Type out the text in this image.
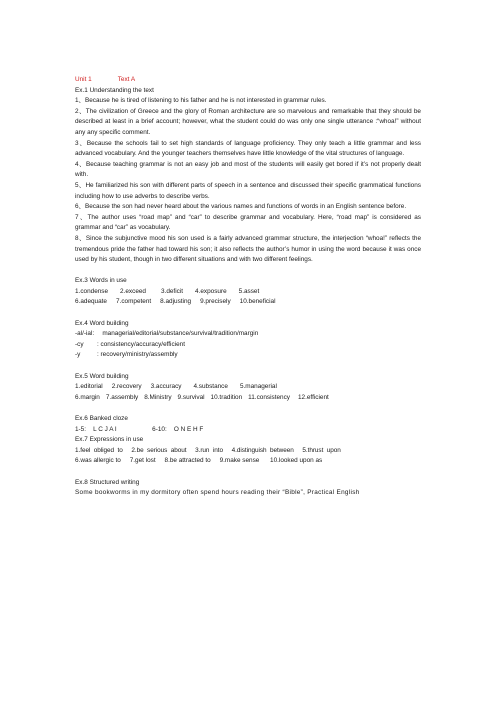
Unit 1	Text A
Ex.1 Understanding the text
1、Because he is tired of listening to his father and he is not interested in grammar rules.
2、The civilization of Greece and the glory of Roman architecture are so marvelous and remarkable that they should be described at least in a brief account; however, what the student could do was only one single utterance :“whoa!” without any any specific comment.
3、Because the schools fail to set high standards of language proficiency. They only teach a little grammar and less advanced vocabulary. And the younger teachers themselves have little knowledge of the vital structures of language.
4、Because teaching grammar is not an easy job and most of the students will easily get bored if it’s not properly dealt with.
5、He familiarized his son with different parts of speech in a sentence and discussed their specific grammatical functions including how to use adverbs to describe verbs.
6、Because the son had never heard about the various names and functions of words in an English sentence before.
7、The author uses “road map” and “car” to describe grammar and vocabulary. Here, “road map” is considered as grammar and “car” as vocabulary.
8、Since the subjunctive mood his son used is a fairly advanced grammar structure, the interjection “whoa!” reflects the tremendous pride the father had toward his son; it also reflects the author’s humor in using the word because it was once used by his student, though in two different situations and with two different feelings.
Ex.3 Words in use
1.condense 2.exceed 3.deficit 4.exposure 5.asset
6.adequate 7.competent 8.adjusting 9.precisely 10.beneficial
Ex.4 Word building
-al/-ial: managerial/editorial/substance/survival/tradition/margin
-cy : consistency/accuracy/efficient
-y	: recovery/ministry/assembly
Ex.5 Word building
1.editorial 2.recovery 3.accuracy 4.substance 5.managerial
6.margin 7.assembly 8.Ministry 9.survival 10.tradition 11.consistency 12.efficient
Ex.6 Banked cloze
1-5:    L C J A I                    6-10:    O N E H F
Ex.7 Expressions in use
1.feel  obliged  to     2.be  serious  about     3.run  into     4.distinguish  between     5.thrust  upon
6.was allergic to     7.get lost     8.be attracted to     9.make sense      10.looked upon as
Ex.8 Structured writing
Some bookworms in my dormitory often spend hours reading their “Bible”, Practical English
